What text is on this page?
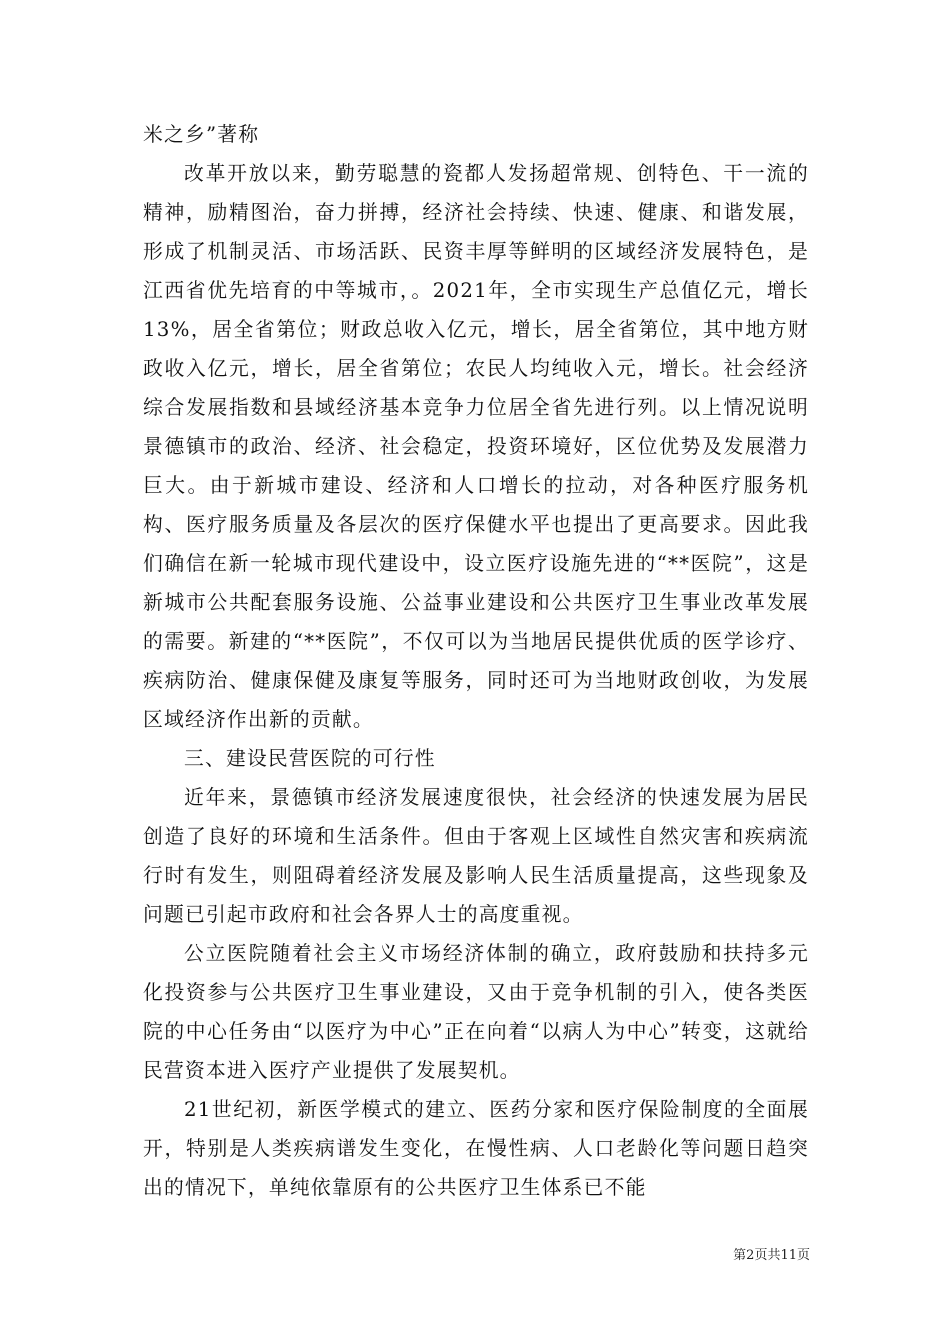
米之乡”著称

改革开放以来，勤劳聪慧的瓷都人发扬超常规、创特色、干一流的精神，励精图治，奋力拼搏，经济社会持续、快速、健康、和谐发展，形成了机制灵活、市场活跃、民资丰厚等鲜明的区域经济发展特色，是江西省优先培育的中等城市，。2021年，全市实现生产总值亿元，增长13%，居全省第位；财政总收入亿元，增长，居全省第位，其中地方财政收入亿元，增长，居全省第位；农民人均纯收入元，增长。社会经济综合发展指数和县域经济基本竞争力位居全省先进行列。以上情况说明景德镇市的政治、经济、社会稳定，投资环境好，区位优势及发展潜力巨大。由于新城市建设、经济和人口增长的拉动，对各种医疗服务机构、医疗服务质量及各层次的医疗保健水平也提出了更高要求。因此我们确信在新一轮城市现代建设中，设立医疗设施先进的“**医院”，这是新城市公共配套服务设施、公益事业建设和公共医疗卫生事业改革发展的需要。新建的“**医院”，不仅可以为当地居民提供优质的医学诊疗、疾病防治、健康保健及康复等服务，同时还可为当地财政创收，为发展区域经济作出新的贡献。

三、建设民营医院的可行性

近年来，景德镇市经济发展速度很快，社会经济的快速发展为居民创造了良好的环境和生活条件。但由于客观上区域性自然灾害和疾病流行时有发生，则阻碍着经济发展及影响人民生活质量提高，这些现象及问题已引起市政府和社会各界人士的高度重视。

公立医院随着社会主义市场经济体制的确立，政府鼓励和扶持多元化投资参与公共医疗卫生事业建设，又由于竞争机制的引入，使各类医院的中心任务由“以医疗为中心”正在向着“以病人为中心”转变，这就给民营资本进入医疗产业提供了发展契机。

21世纪初，新医学模式的建立、医药分家和医疗保险制度的全面展开，特别是人类疾病谱发生变化，在慢性病、人口老龄化等问题日趋突出的情况下，单纯依靠原有的公共医疗卫生体系已不能

第2页共11页
